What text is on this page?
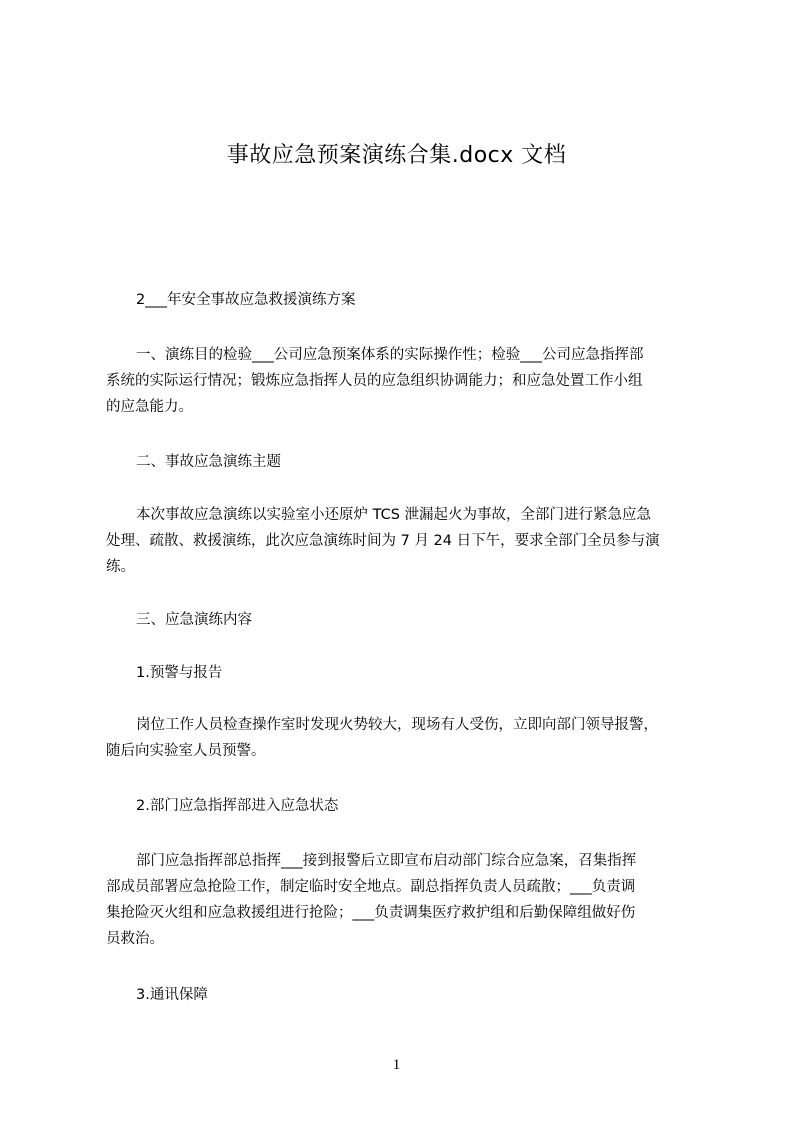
事故应急预案演练合集.docx 文档
2___年安全事故应急救援演练方案
一、演练目的检验___公司应急预案体系的实际操作性；检验___公司应急指挥部
系统的实际运行情况；锻炼应急指挥人员的应急组织协调能力；和应急处置工作小组
的应急能力。
二、事故应急演练主题
本次事故应急演练以实验室小还原炉 TCS 泄漏起火为事故，全部门进行紧急应急
处理、疏散、救援演练，此次应急演练时间为 7 月 24 日下午，要求全部门全员参与演
练。
三、应急演练内容
1.预警与报告
岗位工作人员检查操作室时发现火势较大，现场有人受伤，立即向部门领导报警，
随后向实验室人员预警。
2.部门应急指挥部进入应急状态
部门应急指挥部总指挥___接到报警后立即宣布启动部门综合应急案，召集指挥
部成员部署应急抢险工作，制定临时安全地点。副总指挥负责人员疏散；___负责调
集抢险灭火组和应急救援组进行抢险；___负责调集医疗救护组和后勤保障组做好伤
员救治。
3.通讯保障
1
